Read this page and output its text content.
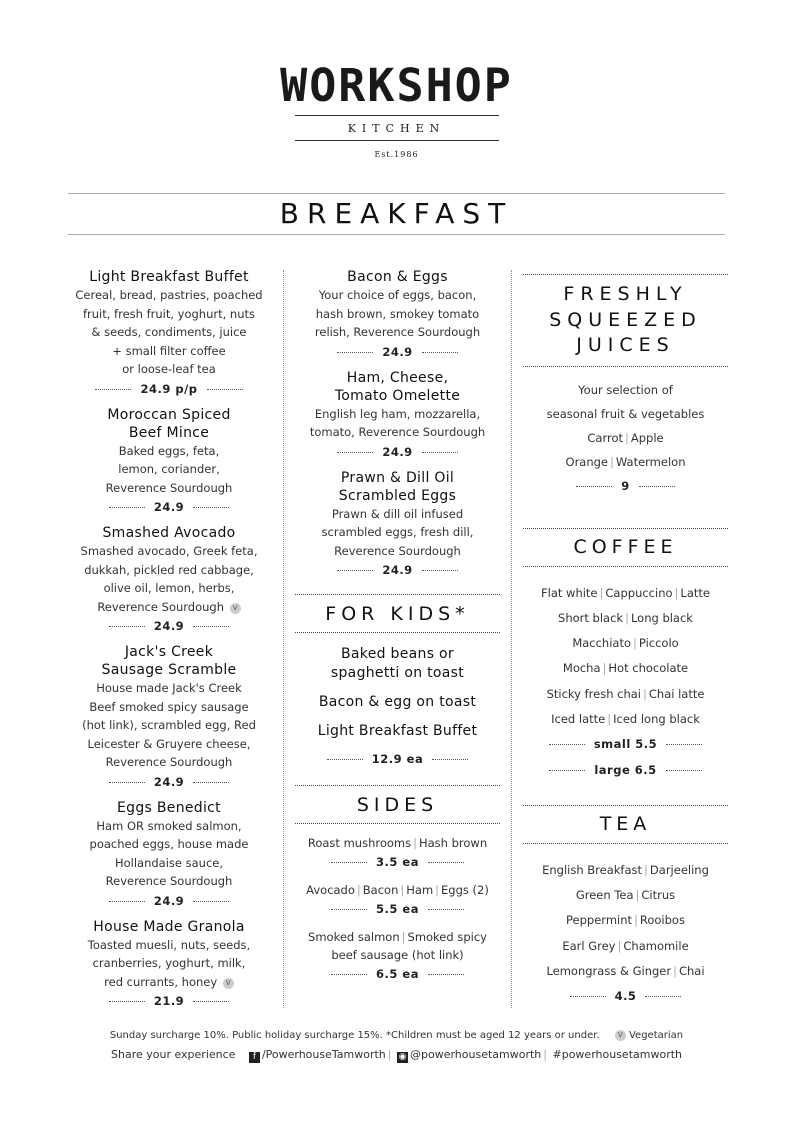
WORKSHOP
KITCHEN
Est.1986
BREAKFAST
Light Breakfast Buffet
Cereal, bread, pastries, poached
fruit, fresh fruit, yoghurt, nuts
& seeds, condiments, juice
+ small filter coffee
or loose-leaf tea
24.9 p/p
Moroccan Spiced
Beef Mince
Baked eggs, feta,
lemon, coriander,
Reverence Sourdough
24.9
Smashed Avocado
Smashed avocado, Greek feta,
dukkah, pickled red cabbage,
olive oil, lemon, herbs,
Reverence Sourdough V
24.9
Jack's Creek
Sausage Scramble
House made Jack's Creek
Beef smoked spicy sausage
(hot link), scrambled egg, Red
Leicester & Gruyere cheese,
Reverence Sourdough
24.9
Eggs Benedict
Ham OR smoked salmon,
poached eggs, house made
Hollandaise sauce,
Reverence Sourdough
24.9
House Made Granola
Toasted muesli, nuts, seeds,
cranberries, yoghurt, milk,
red currants, honey V
21.9
Bacon & Eggs
Your choice of eggs, bacon,
hash brown, smokey tomato
relish, Reverence Sourdough
24.9
Ham, Cheese,
Tomato Omelette
English leg ham, mozzarella,
tomato, Reverence Sourdough
24.9
Prawn & Dill Oil
Scrambled Eggs
Prawn & dill oil infused
scrambled eggs, fresh dill,
Reverence Sourdough
24.9
FOR KIDS*
Baked beans or
spaghetti on toast
Bacon & egg on toast
Light Breakfast Buffet
12.9 ea
SIDES
Roast mushrooms | Hash brown
3.5 ea
Avocado | Bacon | Ham | Eggs (2)
5.5 ea
Smoked salmon | Smoked spicy
beef sausage (hot link)
6.5 ea
FRESHLY
SQUEEZED
JUICES
Your selection of
seasonal fruit & vegetables
Carrot | Apple
Orange | Watermelon
9
COFFEE
Flat white | Cappuccino | Latte
Short black | Long black
Macchiato | Piccolo
Mocha | Hot chocolate
Sticky fresh chai | Chai latte
Iced latte | Iced long black
small 5.5
large 6.5
TEA
English Breakfast | Darjeeling
Green Tea | Citrus
Peppermint | Rooibos
Earl Grey | Chamomile
Lemongrass & Ginger | Chai
4.5
Sunday surcharge 10%. Public holiday surcharge 15%. *Children must be aged 12 years or under.	V Vegetarian
Share your experience f /PowerhouseTamworth | ◉ @powerhousetamworth | #powerhousetamworth
